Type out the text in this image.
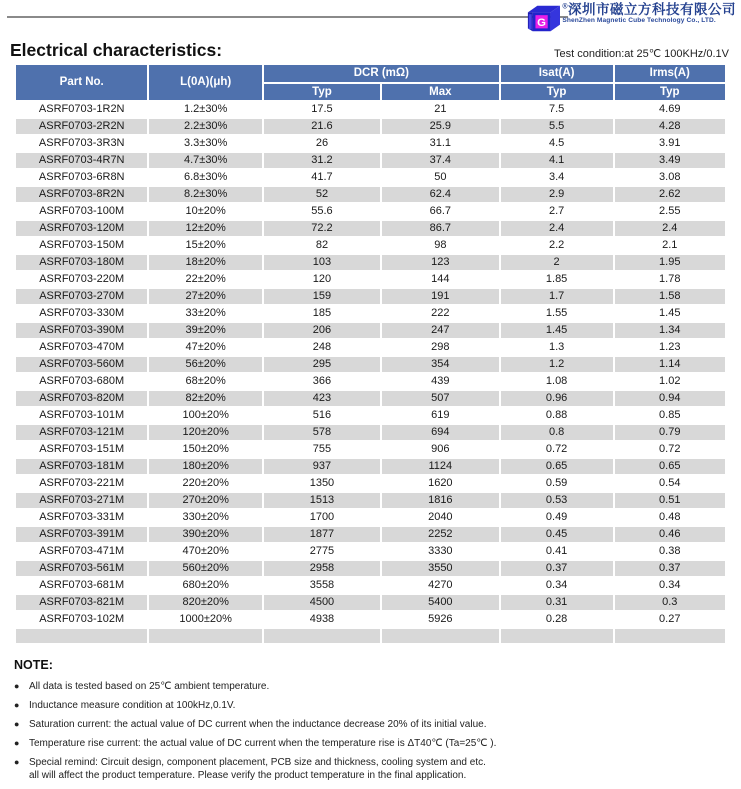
G
®深圳市磁立方科技有限公司
ShenZhen Magnetic Cube Technology Co., LTD.
Electrical characteristics:	Test condition:at 25℃ 100KHz/0.1V
Part No.	L(0A)(μh)	DCR (mΩ)		Isat(A)	Irms(A)
		Typ	Max	Typ	Typ
ASRF0703-1R2N	1.2±30%	17.5	21	7.5	4.69
ASRF0703-2R2N	2.2±30%	21.6	25.9	5.5	4.28
ASRF0703-3R3N	3.3±30%	26	31.1	4.5	3.91
ASRF0703-4R7N	4.7±30%	31.2	37.4	4.1	3.49
ASRF0703-6R8N	6.8±30%	41.7	50	3.4	3.08
ASRF0703-8R2N	8.2±30%	52	62.4	2.9	2.62
ASRF0703-100M	10±20%	55.6	66.7	2.7	2.55
ASRF0703-120M	12±20%	72.2	86.7	2.4	2.4
ASRF0703-150M	15±20%	82	98	2.2	2.1
ASRF0703-180M	18±20%	103	123	2	1.95
ASRF0703-220M	22±20%	120	144	1.85	1.78
ASRF0703-270M	27±20%	159	191	1.7	1.58
ASRF0703-330M	33±20%	185	222	1.55	1.45
ASRF0703-390M	39±20%	206	247	1.45	1.34
ASRF0703-470M	47±20%	248	298	1.3	1.23
ASRF0703-560M	56±20%	295	354	1.2	1.14
ASRF0703-680M	68±20%	366	439	1.08	1.02
ASRF0703-820M	82±20%	423	507	0.96	0.94
ASRF0703-101M	100±20%	516	619	0.88	0.85
ASRF0703-121M	120±20%	578	694	0.8	0.79
ASRF0703-151M	150±20%	755	906	0.72	0.72
ASRF0703-181M	180±20%	937	1124	0.65	0.65
ASRF0703-221M	220±20%	1350	1620	0.59	0.54
ASRF0703-271M	270±20%	1513	1816	0.53	0.51
ASRF0703-331M	330±20%	1700	2040	0.49	0.48
ASRF0703-391M	390±20%	1877	2252	0.45	0.46
ASRF0703-471M	470±20%	2775	3330	0.41	0.38
ASRF0703-561M	560±20%	2958	3550	0.37	0.37
ASRF0703-681M	680±20%	3558	4270	0.34	0.34
ASRF0703-821M	820±20%	4500	5400	0.31	0.3
ASRF0703-102M	1000±20%	4938	5926	0.28	0.27

NOTE:
● All data is tested based on 25℃ ambient temperature.
● Inductance measure condition at 100kHz,0.1V.
● Saturation current: the actual value of DC current when the inductance decrease 20% of its initial value.
● Temperature rise current: the actual value of DC current when the temperature rise is ΔT40℃ (Ta=25℃ ).
● Special remind: Circuit design, component placement, PCB size and thickness, cooling system and etc.
all will affect the product temperature. Please verify the product temperature in the final application.
